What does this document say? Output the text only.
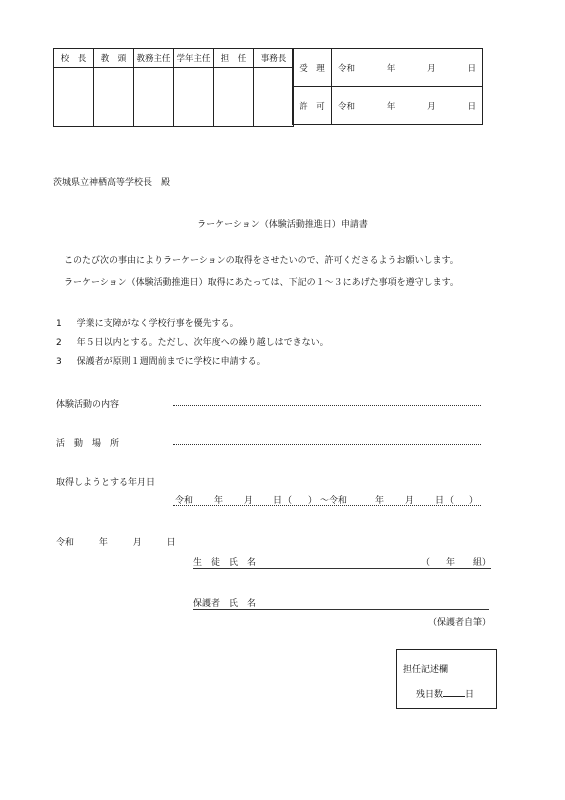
校　長	教　頭	教務主任	学年主任	担　任	事務長

受　理	令和 年 月 日

許　可	令和 年 月 日
茨城県立神栖高等学校長　殿
ラーケーション（体験活動推進日）申請書
このたび次の事由によりラーケーションの取得をさせたいので、許可くださるようお願いします。
ラーケーション（体験活動推進日）取得にあたっては、下記の１～３にあげた事項を遵守します。
1 学業に支障がなく学校行事を優先する。
2 年５日以内とする。ただし、次年度への繰り越しはできない。
3 保護者が原則１週間前までに学校に申請する。
体験活動の内容
活　動　場　所
取得しようとする年月日
令和 年 月 日 （ ） ～令和	年 月 日 （ ）
令和	年	月	日
生　徒　氏　名	（ 年 組）
保護者　氏　名
（保護者自筆）
担任記述欄
残日数 日
